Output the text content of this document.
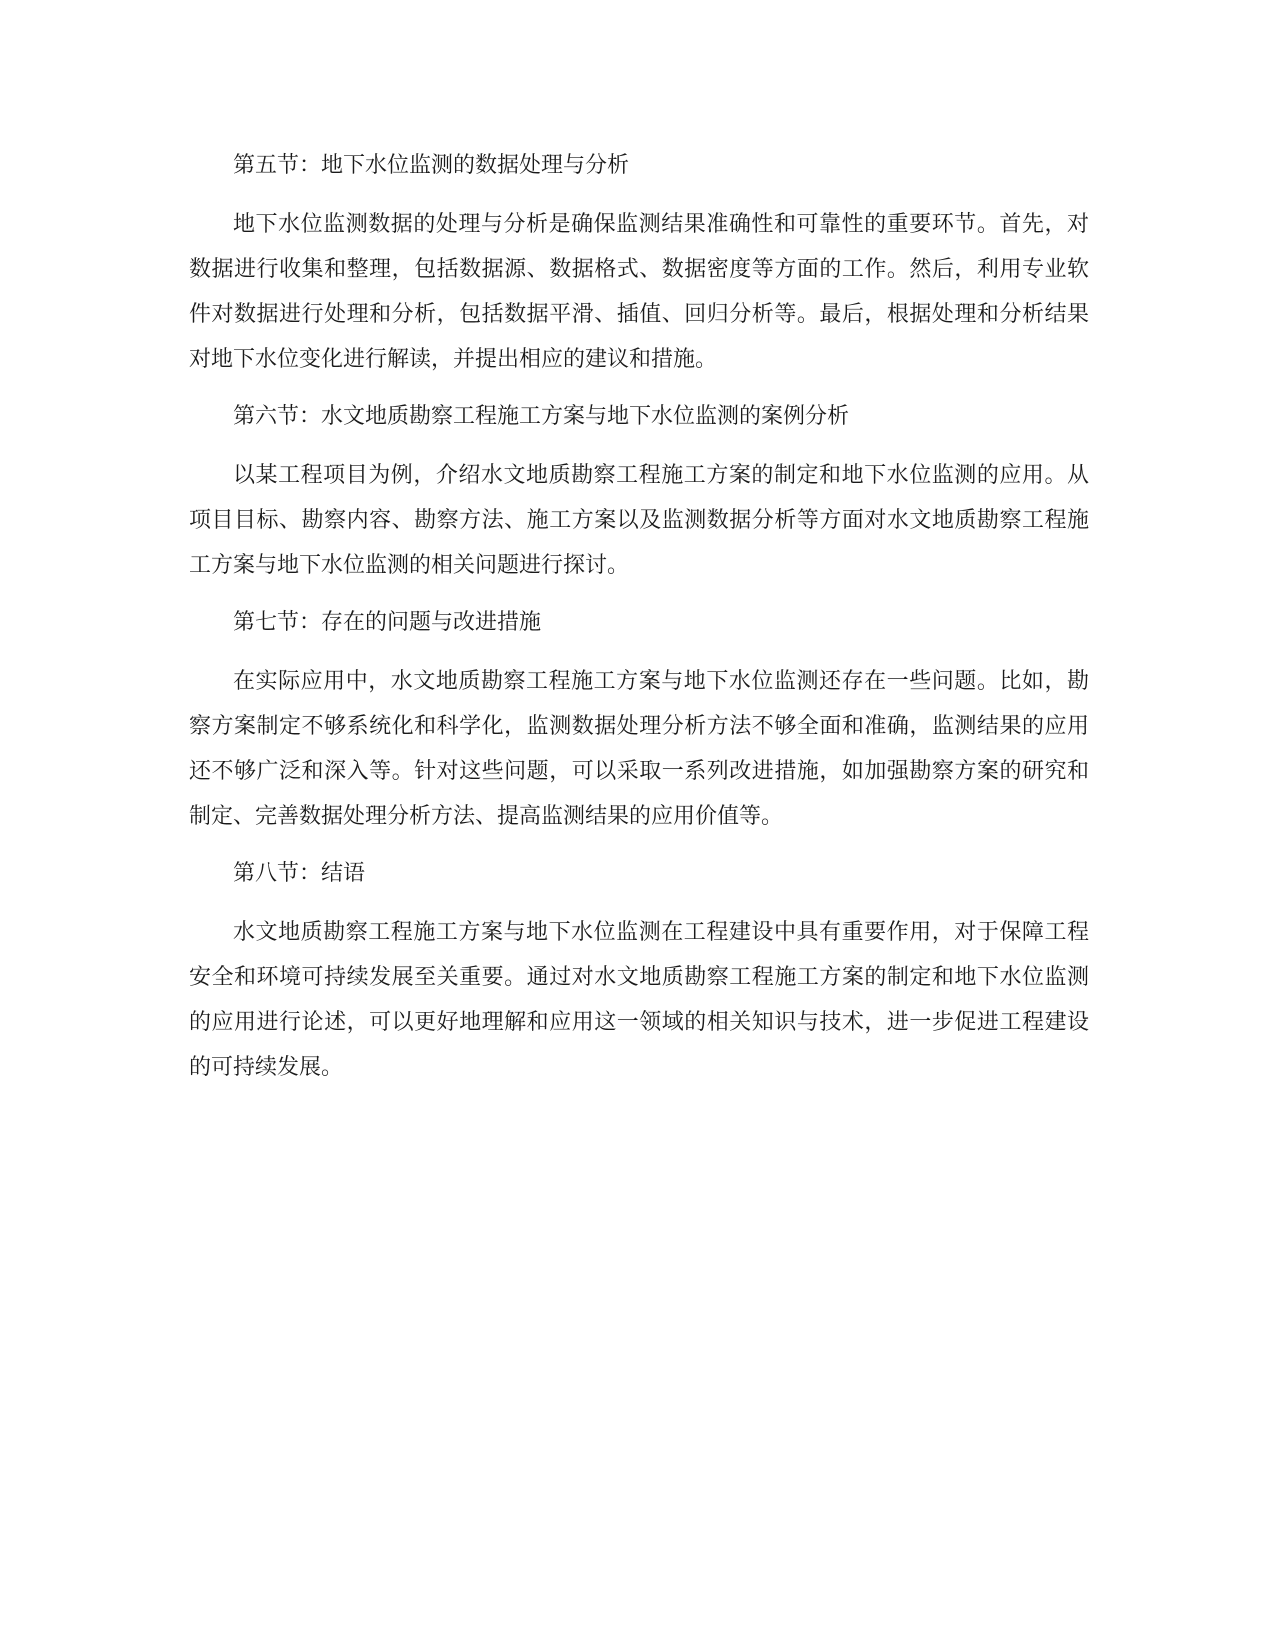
第五节：地下水位监测的数据处理与分析

地下水位监测数据的处理与分析是确保监测结果准确性和可靠性的重要环节。首先，对数据进行收集和整理，包括数据源、数据格式、数据密度等方面的工作。然后，利用专业软件对数据进行处理和分析，包括数据平滑、插值、回归分析等。最后，根据处理和分析结果对地下水位变化进行解读，并提出相应的建议和措施。

第六节：水文地质勘察工程施工方案与地下水位监测的案例分析

以某工程项目为例，介绍水文地质勘察工程施工方案的制定和地下水位监测的应用。从项目目标、勘察内容、勘察方法、施工方案以及监测数据分析等方面对水文地质勘察工程施工方案与地下水位监测的相关问题进行探讨。

第七节：存在的问题与改进措施

在实际应用中，水文地质勘察工程施工方案与地下水位监测还存在一些问题。比如，勘察方案制定不够系统化和科学化，监测数据处理分析方法不够全面和准确，监测结果的应用还不够广泛和深入等。针对这些问题，可以采取一系列改进措施，如加强勘察方案的研究和制定、完善数据处理分析方法、提高监测结果的应用价值等。

第八节：结语

水文地质勘察工程施工方案与地下水位监测在工程建设中具有重要作用，对于保障工程安全和环境可持续发展至关重要。通过对水文地质勘察工程施工方案的制定和地下水位监测的应用进行论述，可以更好地理解和应用这一领域的相关知识与技术，进一步促进工程建设的可持续发展。
